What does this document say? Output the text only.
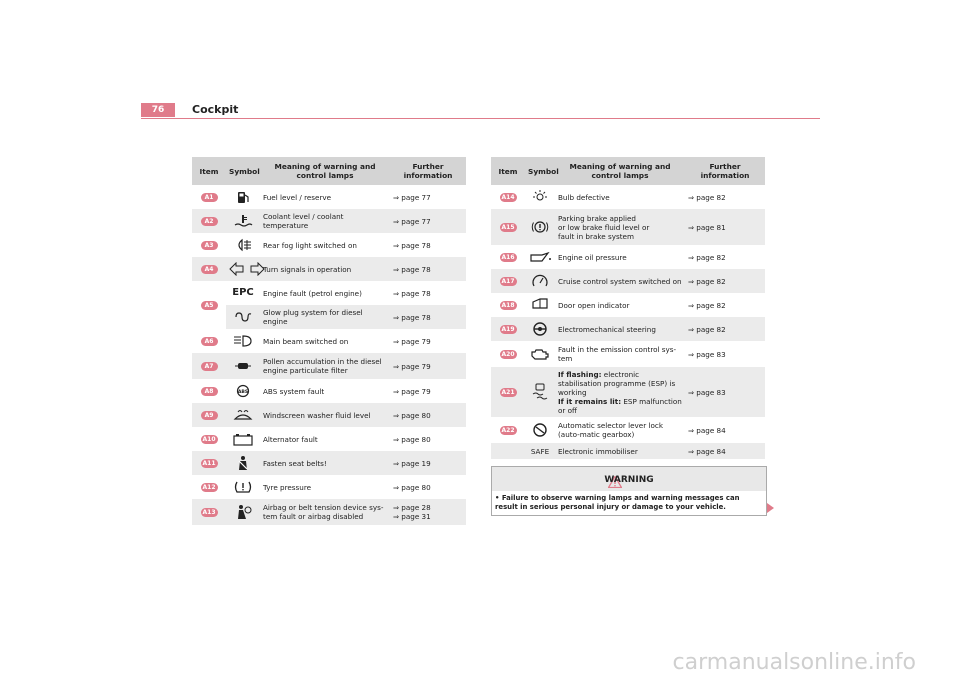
76	Cockpit
Item	Symbol	Meaning of warning and control lamps	Further information
A1		Fuel level / reserve	⇒ page 77
A2		Coolant level / coolant temperature	⇒ page 77
A3		Rear fog light switched on	⇒ page 78
A4		Turn signals in operation	⇒ page 78
A5	EPC	Engine fault (petrol engine)	⇒ page 78

	Glow plug system for diesel engine	⇒ page 78
A6		Main beam switched on	⇒ page 79
A7		Pollen accumulation in the diesel engine particulate filter	⇒ page 79
A8	ABS	ABS system fault	⇒ page 79
A9		Windscreen washer fluid level	⇒ page 80
A10		Alternator fault	⇒ page 80
A11		Fasten seat belts!	⇒ page 19
A12		Tyre pressure	⇒ page 80
A13		Airbag or belt tension device sys-tem fault or airbag disabled	⇒ page 28
⇒ page 31
Item	Symbol	Meaning of warning and control lamps	Further information
A14		Bulb defective	⇒ page 82
A15		Parking brake applied
or low brake fluid level or
fault in brake system	⇒ page 81
A16		Engine oil pressure	⇒ page 82
A17		Cruise control system switched on	⇒ page 82
A18		Door open indicator	⇒ page 82
A19		Electromechanical steering	⇒ page 82
A20		Fault in the emission control sys-tem	⇒ page 83
A21		If flashing: electronic stabilisation programme (ESP) is working
If it remains lit: ESP malfunction or off	⇒ page 83
A22		Automatic selector lever lock (auto-matic gearbox)	⇒ page 84
	SAFE	Electronic immobiliser	⇒ page 84
WARNING
• Failure to observe warning lamps and warning messages can result in serious personal injury or damage to your vehicle.
carmanualsonline.info
